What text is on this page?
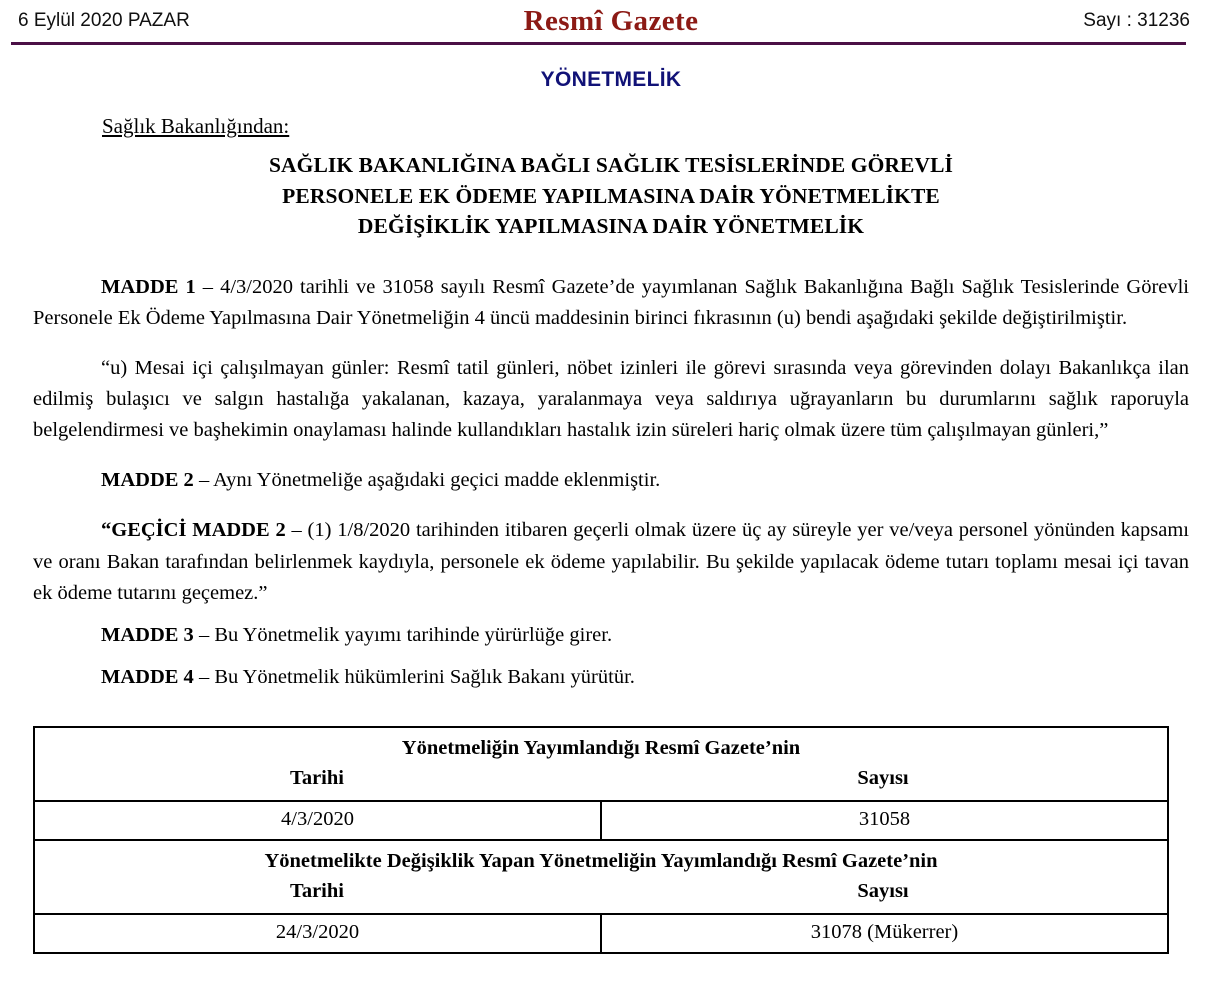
6 Eylül 2020 PAZAR	Resmî Gazete	Sayı : 31236
YÖNETMELİK
Sağlık Bakanlığından:
SAĞLIK BAKANLIĞINA BAĞLI SAĞLIK TESİSLERİNDE GÖREVLİ
PERSONELE EK ÖDEME YAPILMASINA DAİR YÖNETMELİKTE
DEĞİŞİKLİK YAPILMASINA DAİR YÖNETMELİK

MADDE 1 – 4/3/2020 tarihli ve 31058 sayılı Resmî Gazete’de yayımlanan Sağlık Bakanlığına Bağlı Sağlık Tesislerinde Görevli Personele Ek Ödeme Yapılmasına Dair Yönetmeliğin 4 üncü maddesinin birinci fıkrasının (u) bendi aşağıdaki şekilde değiştirilmiştir.

“u) Mesai içi çalışılmayan günler: Resmî tatil günleri, nöbet izinleri ile görevi sırasında veya görevinden dolayı Bakanlıkça ilan edilmiş bulaşıcı ve salgın hastalığa yakalanan, kazaya, yaralanmaya veya saldırıya uğrayanların bu durumlarını sağlık raporuyla belgelendirmesi ve başhekimin onaylaması halinde kullandıkları hastalık izin süreleri hariç olmak üzere tüm çalışılmayan günleri,”

MADDE 2 – Aynı Yönetmeliğe aşağıdaki geçici madde eklenmiştir.

“GEÇİCİ MADDE 2 – (1) 1/8/2020 tarihinden itibaren geçerli olmak üzere üç ay süreyle yer ve/veya personel yönünden kapsamı ve oranı Bakan tarafından belirlenmek kaydıyla, personele ek ödeme yapılabilir. Bu şekilde yapılacak ödeme tutarı toplamı mesai içi tavan ek ödeme tutarını geçemez.”

MADDE 3 – Bu Yönetmelik yayımı tarihinde yürürlüğe girer.

MADDE 4 – Bu Yönetmelik hükümlerini Sağlık Bakanı yürütür.

Yönetmeliğin Yayımlandığı Resmî Gazete’nin	

Tarihi Sayısı	

4/3/2020	31058
Yönetmelikte Değişiklik Yapan Yönetmeliğin Yayımlandığı Resmî Gazete’nin	

Tarihi Sayısı	

24/3/2020	31078 (Mükerrer)
